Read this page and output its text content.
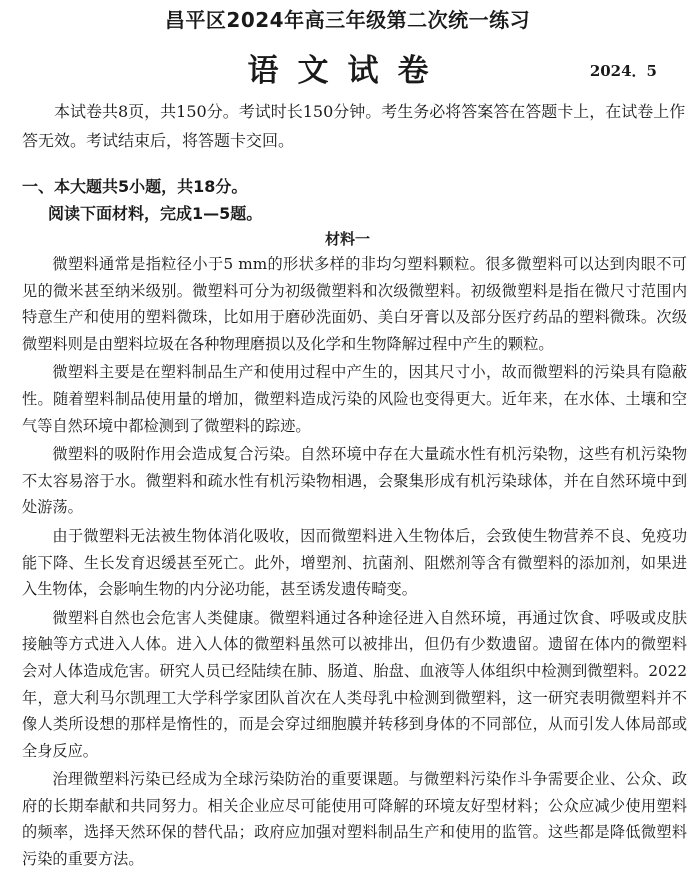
昌平区2024年高三年级第二次统一练习
语文试卷	2024．5

本试卷共8页，共150分。考试时长150分钟。考生务必将答案答在答题卡上，在试卷上作答无效。考试结束后，将答题卡交回。

一、本大题共5小题，共18分。
阅读下面材料，完成1—5题。
材料一

微塑料通常是指粒径小于5 mm的形状多样的非均匀塑料颗粒。很多微塑料可以达到肉眼不可见的微米甚至纳米级别。微塑料可分为初级微塑料和次级微塑料。初级微塑料是指在微尺寸范围内特意生产和使用的塑料微珠，比如用于磨砂洗面奶、美白牙膏以及部分医疗药品的塑料微珠。次级微塑料则是由塑料垃圾在各种物理磨损以及化学和生物降解过程中产生的颗粒。

微塑料主要是在塑料制品生产和使用过程中产生的，因其尺寸小，故而微塑料的污染具有隐蔽性。随着塑料制品使用量的增加，微塑料造成污染的风险也变得更大。近年来，在水体、土壤和空气等自然环境中都检测到了微塑料的踪迹。

微塑料的吸附作用会造成复合污染。自然环境中存在大量疏水性有机污染物，这些有机污染物不太容易溶于水。微塑料和疏水性有机污染物相遇，会聚集形成有机污染球体，并在自然环境中到处游荡。

由于微塑料无法被生物体消化吸收，因而微塑料进入生物体后，会致使生物营养不良、免疫功能下降、生长发育迟缓甚至死亡。此外，增塑剂、抗菌剂、阻燃剂等含有微塑料的添加剂，如果进入生物体，会影响生物的内分泌功能，甚至诱发遗传畸变。

微塑料自然也会危害人类健康。微塑料通过各种途径进入自然环境，再通过饮食、呼吸或皮肤接触等方式进入人体。进入人体的微塑料虽然可以被排出，但仍有少数遗留。遗留在体内的微塑料会对人体造成危害。研究人员已经陆续在肺、肠道、胎盘、血液等人体组织中检测到微塑料。2022年，意大利马尔凯理工大学科学家团队首次在人类母乳中检测到微塑料，这一研究表明微塑料并不像人类所设想的那样是惰性的，而是会穿过细胞膜并转移到身体的不同部位，从而引发人体局部或全身反应。

治理微塑料污染已经成为全球污染防治的重要课题。与微塑料污染作斗争需要企业、公众、政府的长期奉献和共同努力。相关企业应尽可能使用可降解的环境友好型材料；公众应减少使用塑料的频率，选择天然环保的替代品；政府应加强对塑料制品生产和使用的监管。这些都是降低微塑料污染的重要方法。
